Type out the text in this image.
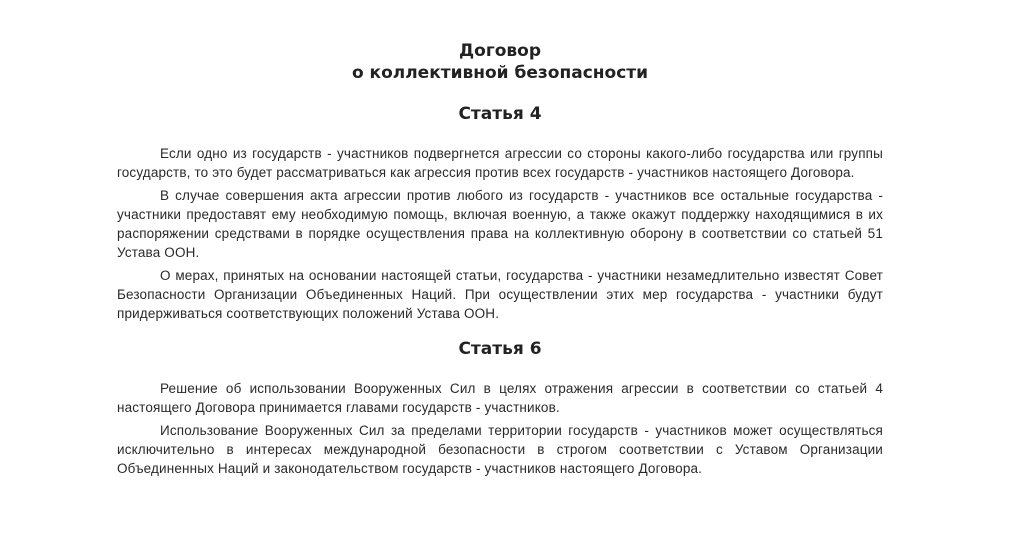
Договор
о коллективной безопасности
Статья 4

Если одно из государств - участников подвергнется агрессии со стороны какого-либо государства или группы государств, то это будет рассматриваться как агрессия против всех государств - участников настоящего Договора.

В случае совершения акта агрессии против любого из государств - участников все остальные государства - участники предоставят ему необходимую помощь, включая военную, а также окажут поддержку находящимися в их распоряжении средствами в порядке осуществления права на коллективную оборону в соответствии со статьей 51 Устава ООН.

О мерах, принятых на основании настоящей статьи, государства - участники незамедлительно известят Совет Безопасности Организации Объединенных Наций. При осуществлении этих мер государства - участники будут придерживаться соответствующих положений Устава ООН.

Статья 6

Решение об использовании Вооруженных Сил в целях отражения агрессии в соответствии со статьей 4 настоящего Договора принимается главами государств - участников.

Использование Вооруженных Сил за пределами территории государств - участников может осуществляться исключительно в интересах международной безопасности в строгом соответствии с Уставом Организации Объединенных Наций и законодательством государств - участников настоящего Договора.
